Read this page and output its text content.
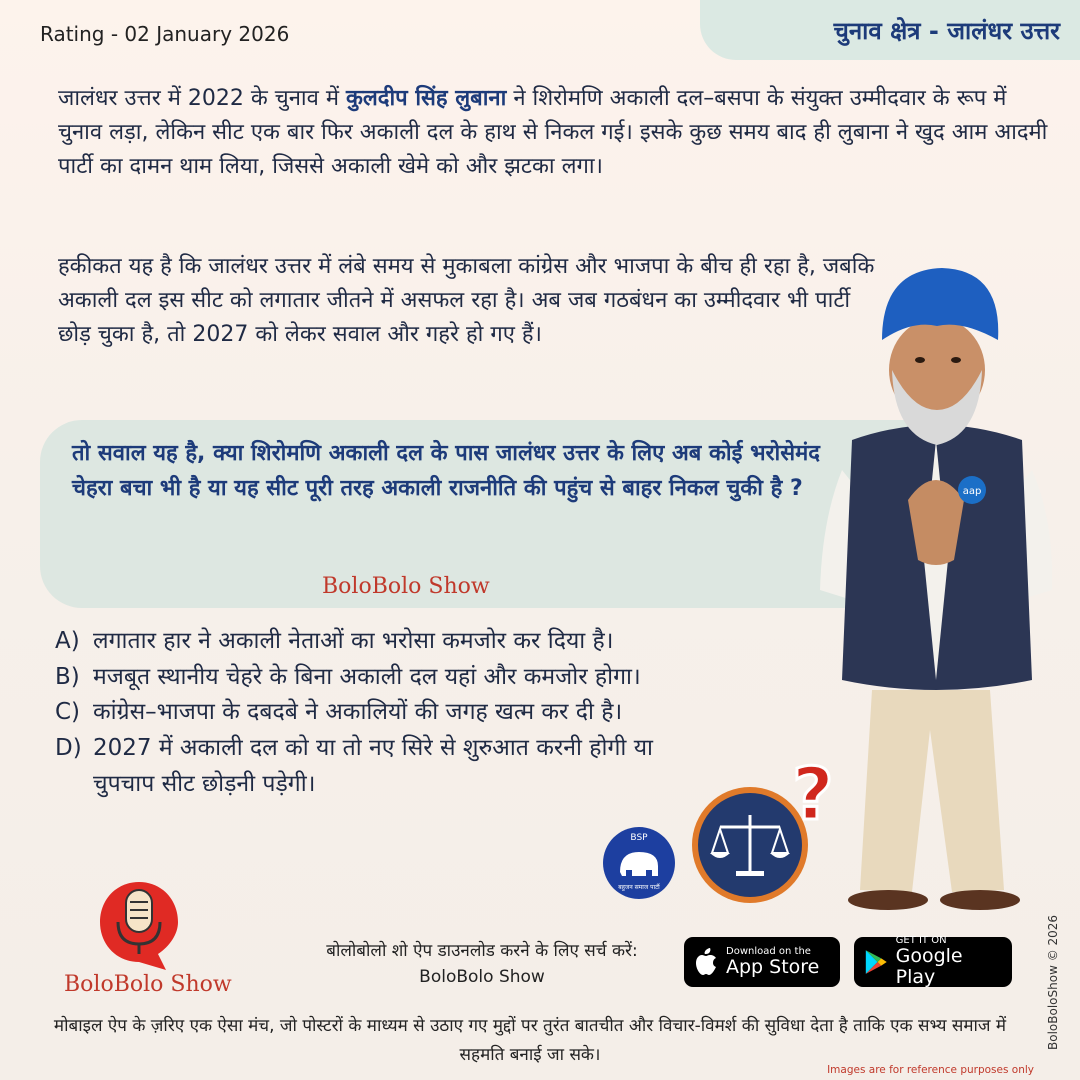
Rating - 02 January 2026	चुनाव क्षेत्र - जालंधर उत्तर
जालंधर उत्तर में 2022 के चुनाव में कुलदीप सिंह लुबाना ने शिरोमणि अकाली दल–बसपा के संयुक्त उम्मीदवार के रूप में चुनाव लड़ा, लेकिन सीट एक बार फिर अकाली दल के हाथ से निकल गई। इसके कुछ समय बाद ही लुबाना ने खुद आम आदमी पार्टी का दामन थाम लिया, जिससे अकाली खेमे को और झटका लगा।
हकीकत यह है कि जालंधर उत्तर में लंबे समय से मुकाबला कांग्रेस और भाजपा के बीच ही रहा है, जबकि अकाली दल इस सीट को लगातार जीतने में असफल रहा है। अब जब गठबंधन का उम्मीदवार भी पार्टी छोड़ चुका है, तो 2027 को लेकर सवाल और गहरे हो गए हैं।
तो सवाल यह है, क्या शिरोमणि अकाली दल के पास जालंधर उत्तर के लिए अब कोई भरोसेमंद चेहरा बचा भी है या यह सीट पूरी तरह अकाली राजनीति की पहुंच से बाहर निकल चुकी है ?
BoloBolo Show
aap
A) लगातार हार ने अकाली नेताओं का भरोसा कमजोर कर दिया है।
B) मजबूत स्थानीय चेहरे के बिना अकाली दल यहां और कमजोर होगा।
C) कांग्रेस–भाजपा के दबदबे ने अकालियों की जगह खत्म कर दी है।
D) 2027 में अकाली दल को या तो नए सिरे से शुरुआत करनी होगी या चुपचाप सीट छोड़नी पड़ेगी।
BSP
बहुजन समाज पार्टी
?
BoloBolo Show
बोलोबोलो शो ऐप डाउनलोड करने के लिए सर्च करें:
BoloBolo Show
Download on the
App Store
GET IT ON
Google Play
मोबाइल ऐप के ज़रिए एक ऐसा मंच, जो पोस्टरों के माध्यम से उठाए गए मुद्दों पर तुरंत बातचीत और विचार-विमर्श की सुविधा देता है ताकि एक सभ्य समाज में सहमति बनाई जा सके।
BoloBoloShow © 2026
Images are for reference purposes only
